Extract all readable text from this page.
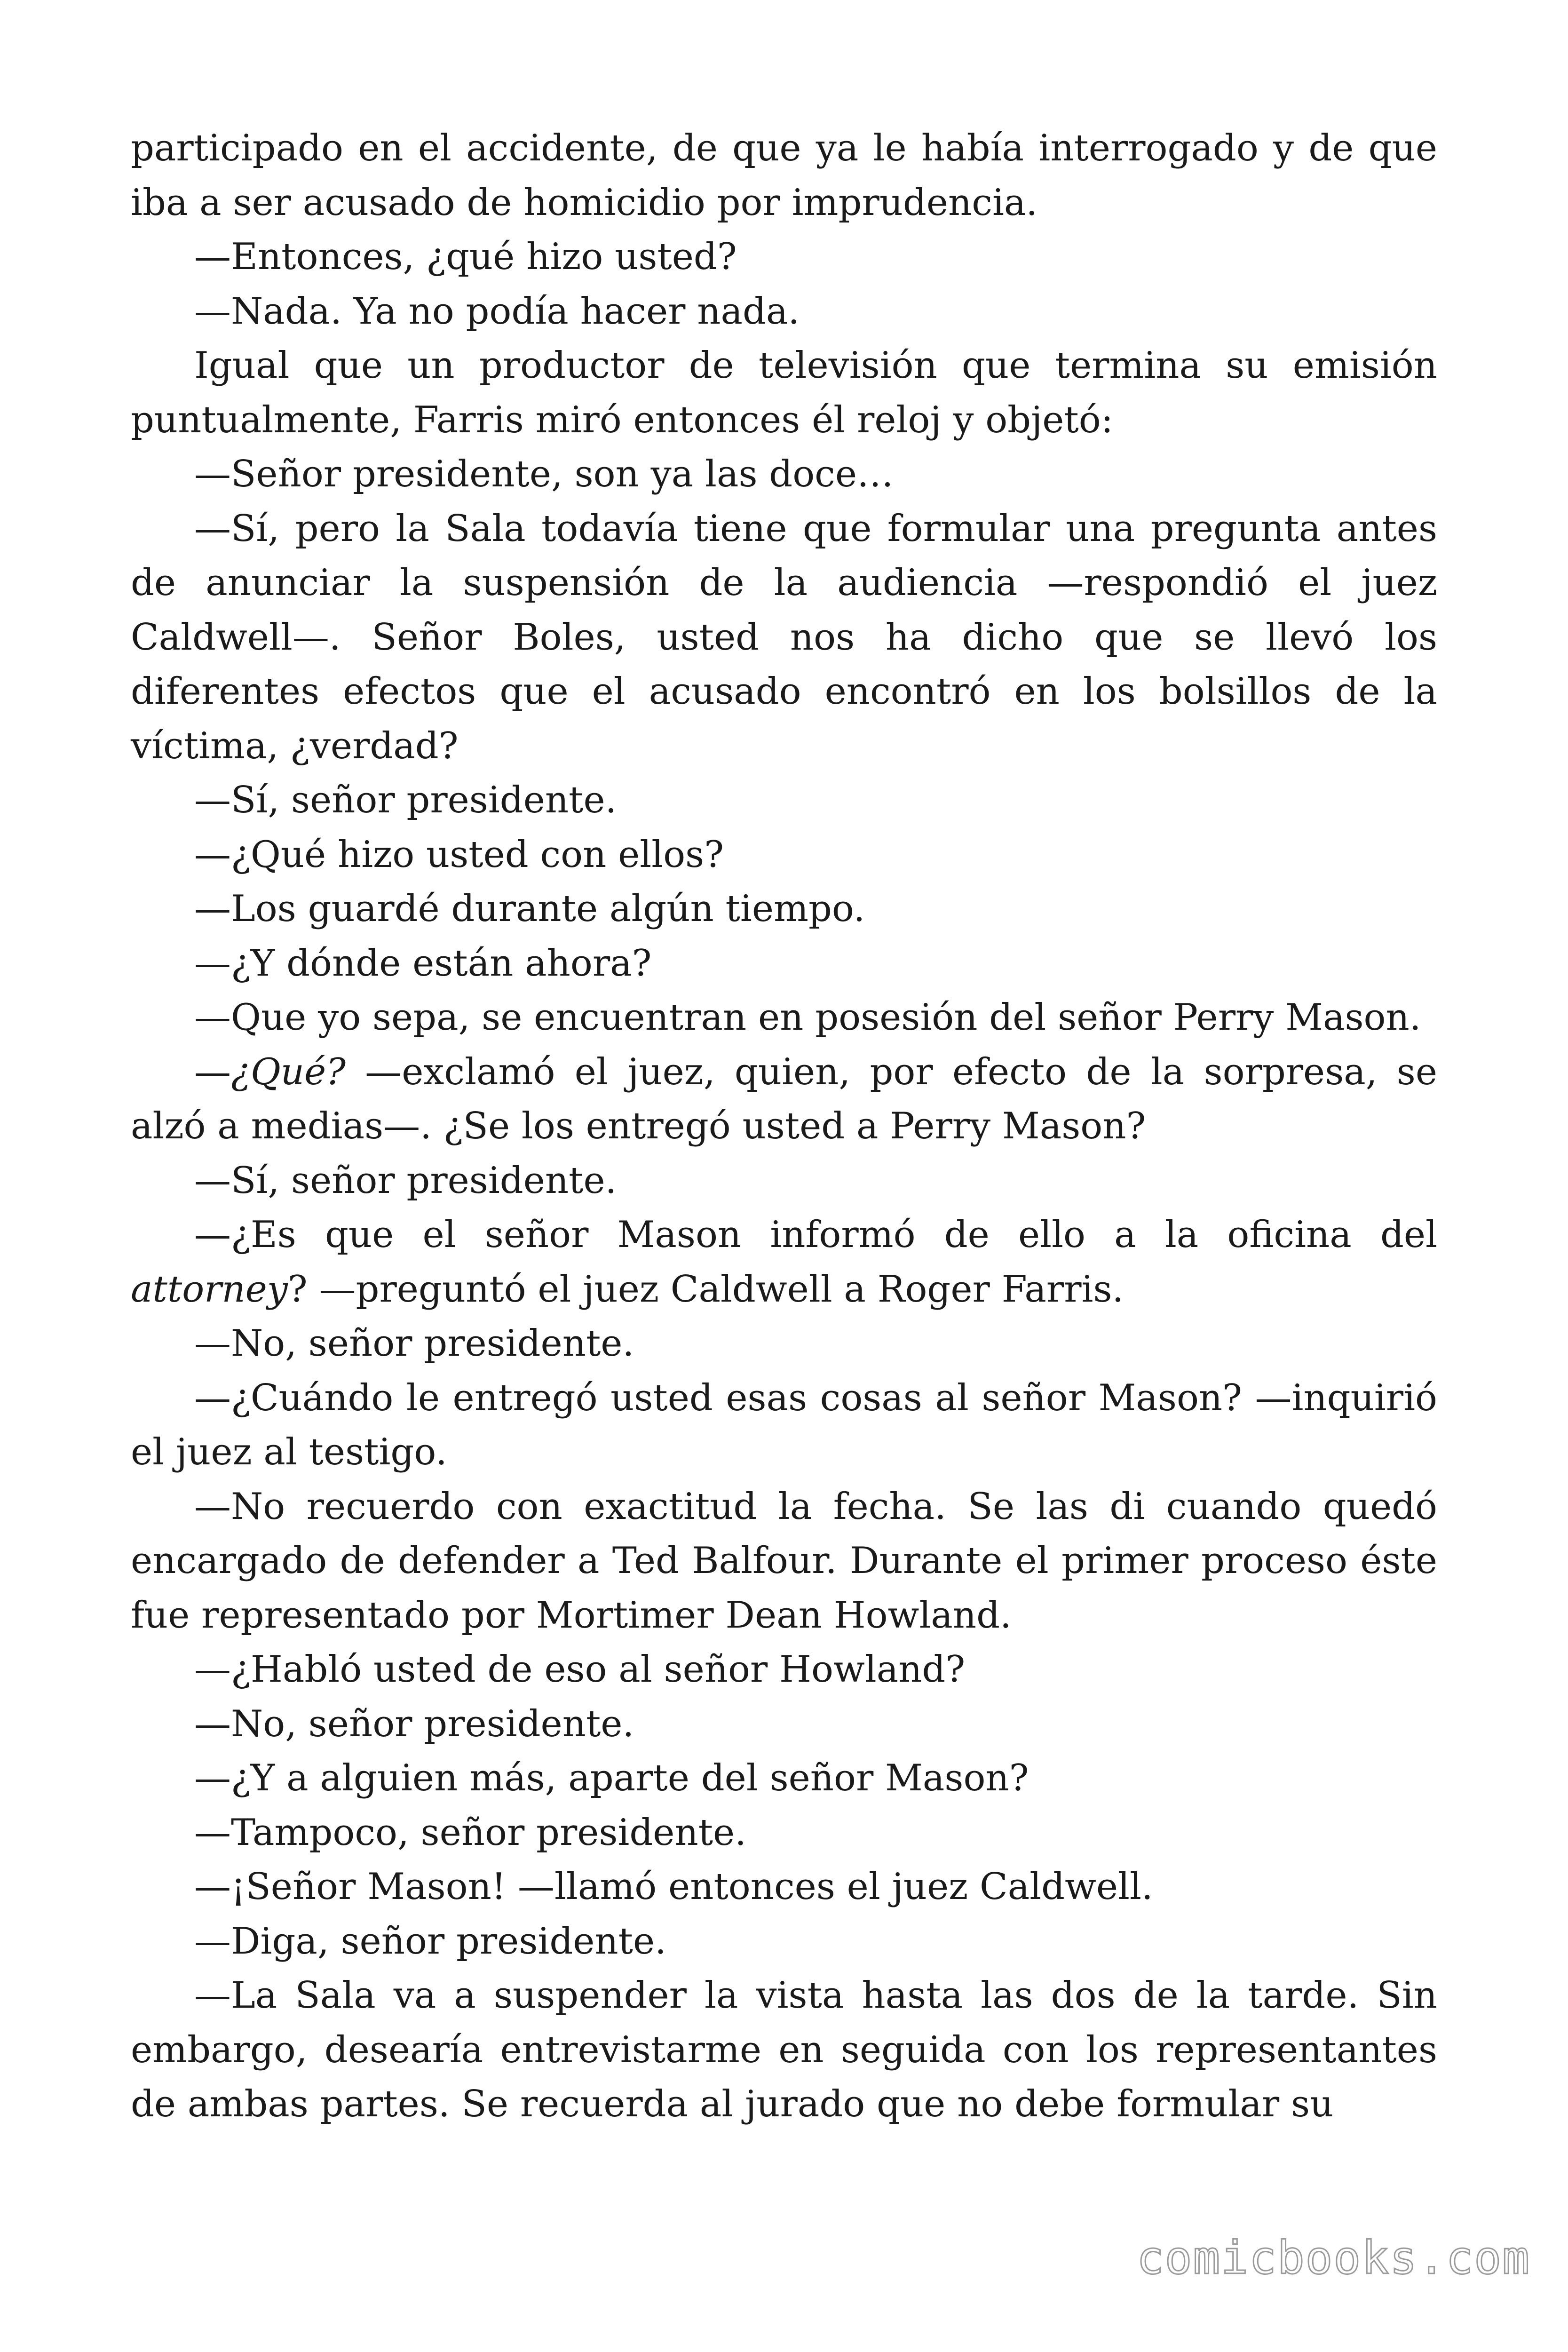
participado en el accidente, de que ya le había interrogado y de que iba a ser acusado de homicidio por imprudencia.

—Entonces, ¿qué hizo usted?

—Nada. Ya no podía hacer nada.

Igual que un productor de televisión que termina su emisión puntualmente, Farris miró entonces él reloj y objetó:

—Señor presidente, son ya las doce…

—Sí, pero la Sala todavía tiene que formular una pregunta antes de anunciar la suspensión de la audiencia —respondió el juez Caldwell—. Señor Boles, usted nos ha dicho que se llevó los diferentes efectos que el acusado encontró en los bolsillos de la víctima, ¿verdad?

—Sí, señor presidente.

—¿Qué hizo usted con ellos?

—Los guardé durante algún tiempo.

—¿Y dónde están ahora?

—Que yo sepa, se encuentran en posesión del señor Perry Mason.

—¿Qué? —exclamó el juez, quien, por efecto de la sorpresa, se alzó a medias—. ¿Se los entregó usted a Perry Mason?

—Sí, señor presidente.

—¿Es que el señor Mason informó de ello a la oficina del attorney? —preguntó el juez Caldwell a Roger Farris.

—No, señor presidente.

—¿Cuándo le entregó usted esas cosas al señor Mason? —inquirió el juez al testigo.

—No recuerdo con exactitud la fecha. Se las di cuando quedó encargado de defender a Ted Balfour. Durante el primer proceso éste fue representado por Mortimer Dean Howland.

—¿Habló usted de eso al señor Howland?

—No, señor presidente.

—¿Y a alguien más, aparte del señor Mason?

—Tampoco, señor presidente.

—¡Señor Mason! —llamó entonces el juez Caldwell.

—Diga, señor presidente.

—La Sala va a suspender la vista hasta las dos de la tarde. Sin embargo, desearía entrevistarme en seguida con los representantes de ambas partes. Se recuerda al jurado que no debe formular su

comicbooks.com
